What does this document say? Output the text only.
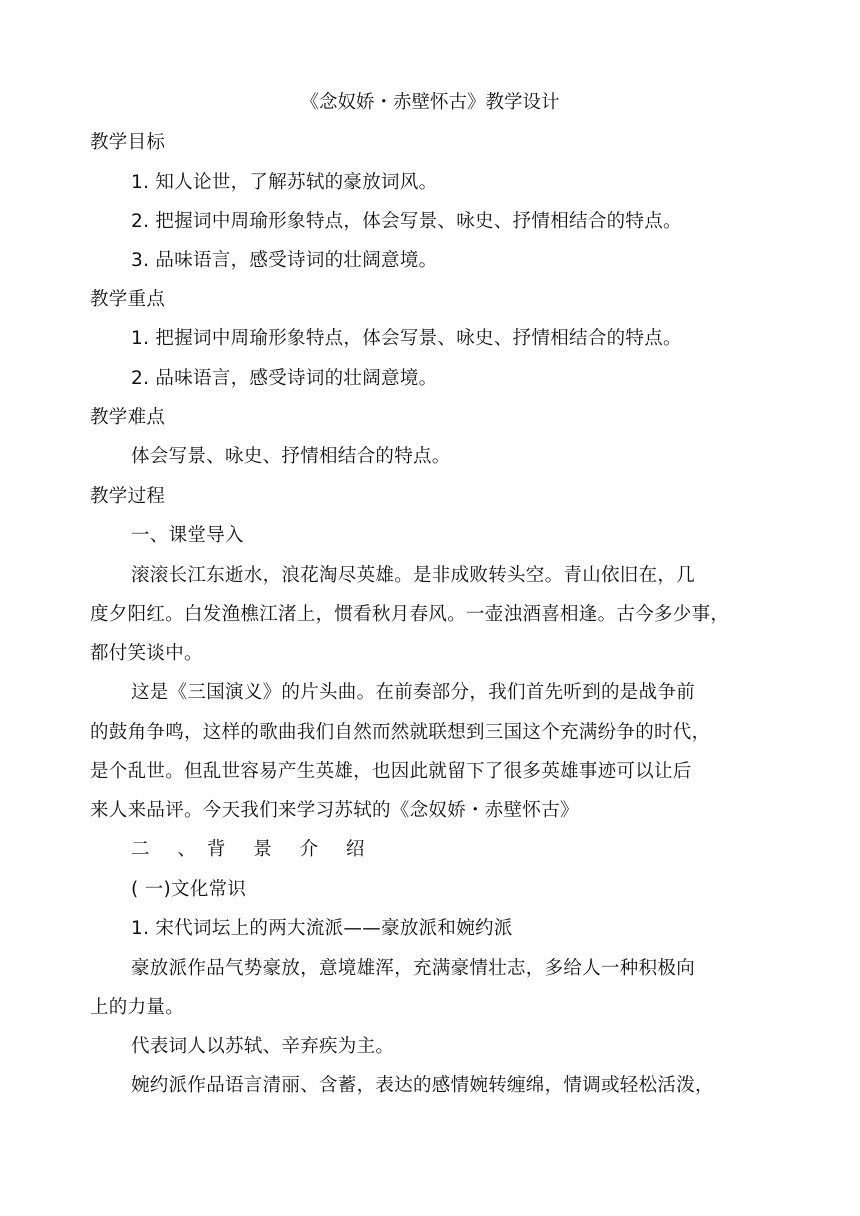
《念奴娇・赤壁怀古》教学设计
教学目标
1. 知人论世，了解苏轼的豪放词风。
2. 把握词中周瑜形象特点，体会写景、咏史、抒情相结合的特点。
3. 品味语言，感受诗词的壮阔意境。
教学重点
1. 把握词中周瑜形象特点，体会写景、咏史、抒情相结合的特点。
2. 品味语言，感受诗词的壮阔意境。
教学难点
体会写景、咏史、抒情相结合的特点。
教学过程
一、课堂导入
滚滚长江东逝水，浪花淘尽英雄。是非成败转头空。青山依旧在，几
度夕阳红。白发渔樵江渚上，惯看秋月春风。一壶浊酒喜相逢。古今多少事，
都付笑谈中。
这是《三国演义》的片头曲。在前奏部分，我们首先听到的是战争前
的鼓角争鸣，这样的歌曲我们自然而然就联想到三国这个充满纷争的时代，
是个乱世。但乱世容易产生英雄，也因此就留下了很多英雄事迹可以让后
来人来品评。今天我们来学习苏轼的《念奴娇・赤壁怀古》
二 、背 景 介 绍
( 一)文化常识
1. 宋代词坛上的两大流派——豪放派和婉约派
豪放派作品气势豪放，意境雄浑，充满豪情壮志，多给人一种积极向
上的力量。
代表词人以苏轼、辛弃疾为主。
婉约派作品语言清丽、含蓄，表达的感情婉转缠绵，情调或轻松活泼，
